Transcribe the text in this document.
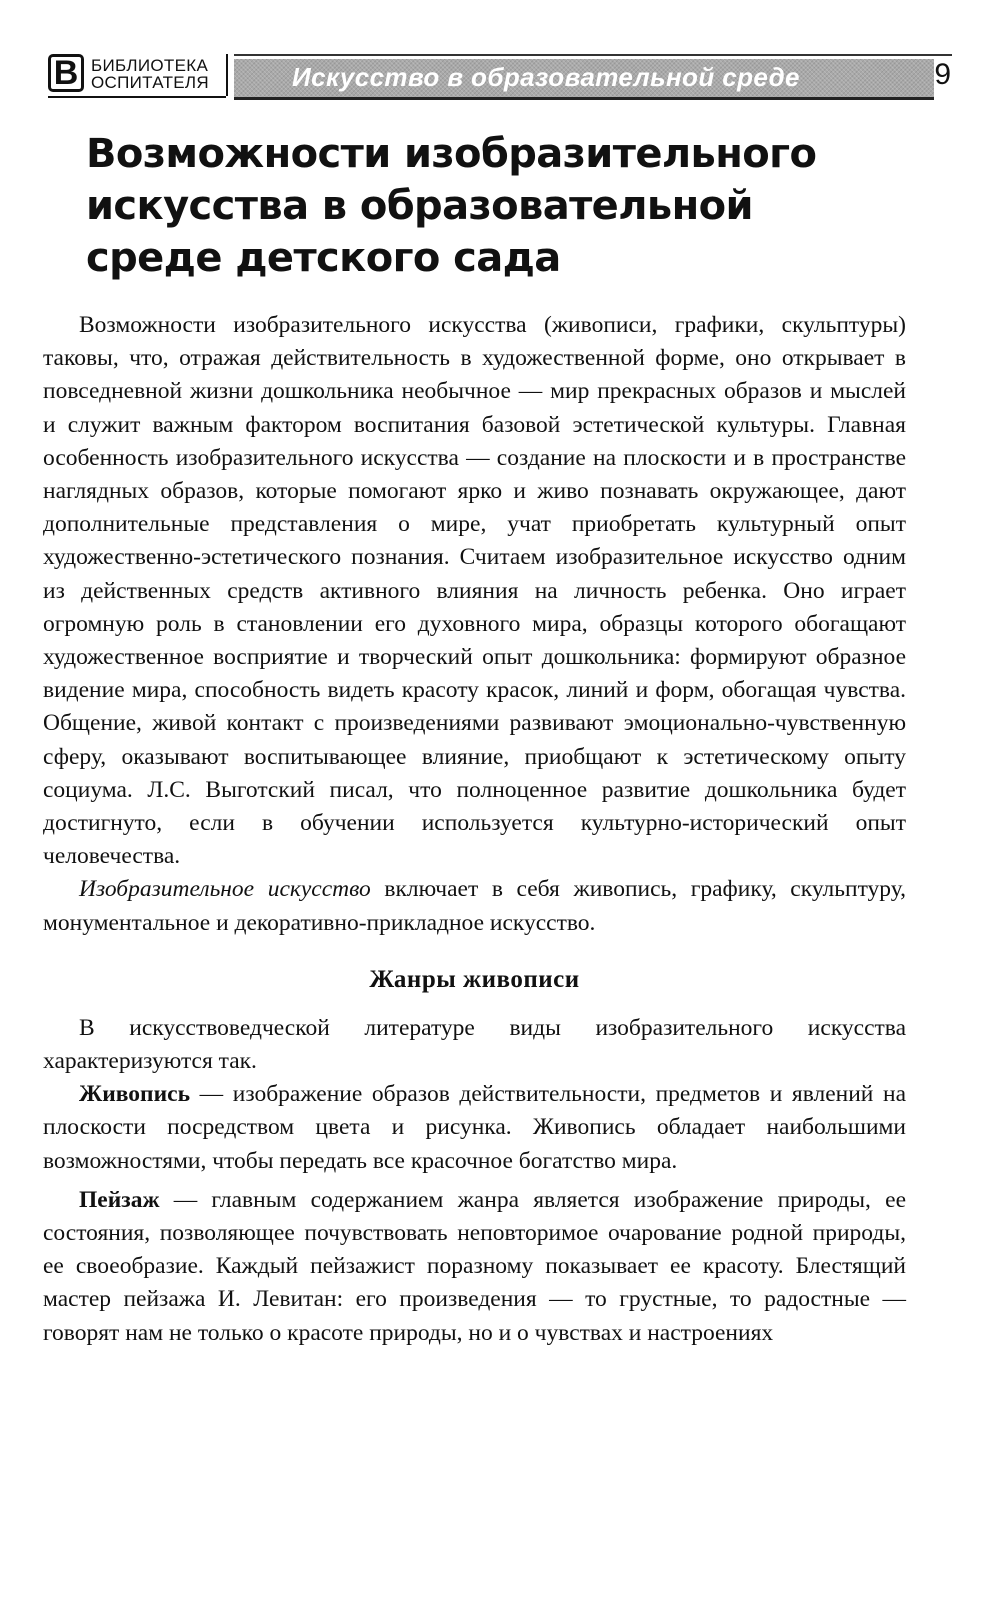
B БИБЛИОТЕКА
ОСПИТАТЕЛЯ	Искусство в образовательной среде	9
Возможности изобразительного
искусства в образовательной
среде детского сада

Возможности изобразительного искусства (живописи, графики, скульптуры) таковы, что, отражая действительность в художественной форме, оно открывает в повседневной жизни дошкольника необычное — мир прекрасных образов и мыслей и служит важным фактором воспитания базовой эстетической культуры. Главная особенность изобразительного искусства — создание на плоскости и в пространстве наглядных образов, которые помогают ярко и живо познавать окружающее, дают дополнительные представления о мире, учат приобретать культурный опыт художественно-эстетического познания. Считаем изобразительное искусство одним из действенных средств активного влияния на личность ребенка. Оно играет огромную роль в становлении его духовного мира, образцы которого обогащают художественное восприятие и творческий опыт дошкольника: формируют образное видение мира, способность видеть красоту красок, линий и форм, обогащая чувства. Общение, живой контакт с произведениями развивают эмоционально-чувственную сферу, оказывают воспитывающее влияние, приобщают к эстетическому опыту социума. Л.С. Выготский писал, что полноценное развитие дошкольника будет достигнуто, если в обучении используется культурно-исторический опыт человечества.

Изобразительное искусство включает в себя живопись, графику, скульптуру, монументальное и декоративно-прикладное искусство.

Жанры живописи

В искусствоведческой литературе виды изобразительного искусства характеризуются так.

Живопись — изображение образов действительности, предметов и явлений на плоскости посредством цвета и рисунка. Живопись обладает наибольшими возможностями, чтобы передать все красочное богатство мира.

Пейзаж — главным содержанием жанра является изображение природы, ее состояния, позволяющее почувствовать неповторимое очарование родной природы, ее своеобразие. Каждый пейзажист поразному показывает ее красоту. Блестящий мастер пейзажа И. Левитан: его произведения — то грустные, то радостные — говорят нам не только о красоте природы, но и о чувствах и настроениях
